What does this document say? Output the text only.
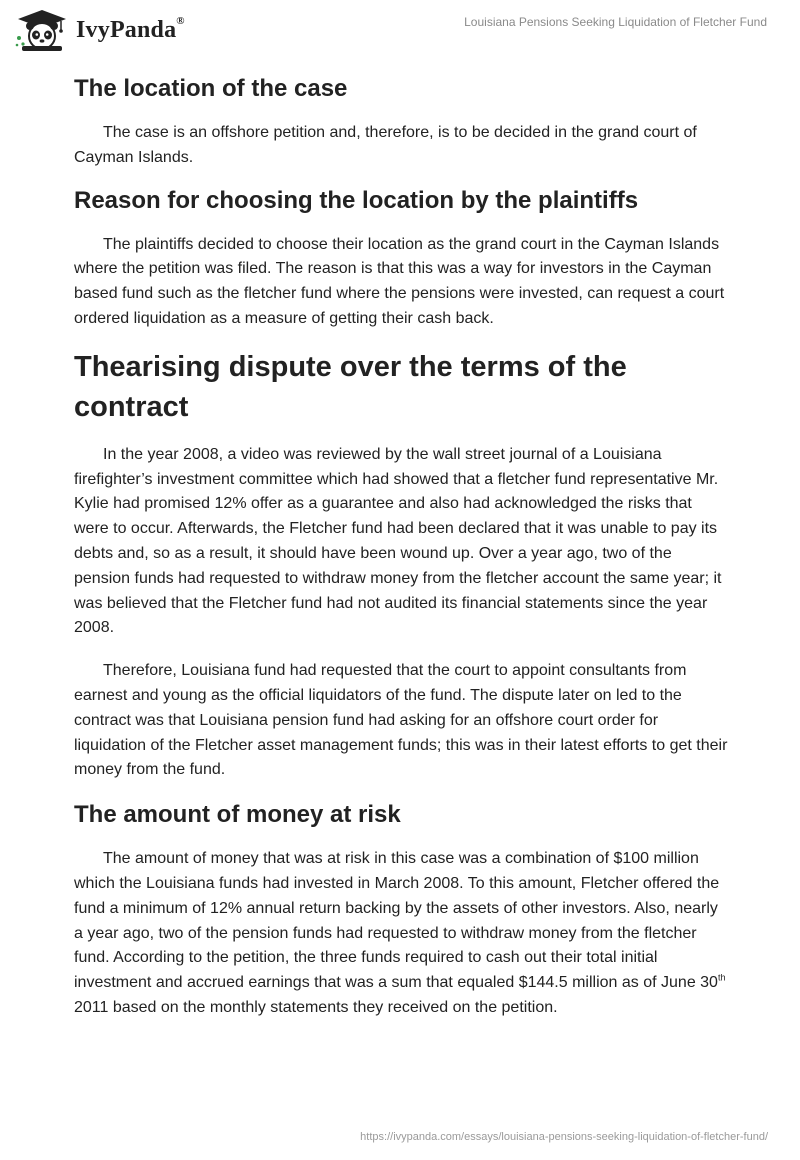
IvyPanda®	Louisiana Pensions Seeking Liquidation of Fletcher Fund
The location of the case

The case is an offshore petition and, therefore, is to be decided in the grand court of Cayman Islands.

Reason for choosing the location by the plaintiffs

The plaintiffs decided to choose their location as the grand court in the Cayman Islands where the petition was filed. The reason is that this was a way for investors in the Cayman based fund such as the fletcher fund where the pensions were invested, can request a court ordered liquidation as a measure of getting their cash back.

Thearising dispute over the terms of the contract

In the year 2008, a video was reviewed by the wall street journal of a Louisiana firefighter’s investment committee which had showed that a fletcher fund representative Mr. Kylie had promised 12% offer as a guarantee and also had acknowledged the risks that were to occur. Afterwards, the Fletcher fund had been declared that it was unable to pay its debts and, so as a result, it should have been wound up. Over a year ago, two of the pension funds had requested to withdraw money from the fletcher account the same year; it was believed that the Fletcher fund had not audited its financial statements since the year 2008.

Therefore, Louisiana fund had requested that the court to appoint consultants from earnest and young as the official liquidators of the fund. The dispute later on led to the contract was that Louisiana pension fund had asking for an offshore court order for liquidation of the Fletcher asset management funds; this was in their latest efforts to get their money from the fund.

The amount of money at risk

The amount of money that was at risk in this case was a combination of $100 million which the Louisiana funds had invested in March 2008. To this amount, Fletcher offered the fund a minimum of 12% annual return backing by the assets of other investors. Also, nearly a year ago, two of the pension funds had requested to withdraw money from the fletcher fund. According to the petition, the three funds required to cash out their total initial investment and accrued earnings that was a sum that equaled $144.5 million as of June 30th 2011 based on the monthly statements they received on the petition.

https://ivypanda.com/essays/louisiana-pensions-seeking-liquidation-of-fletcher-fund/
